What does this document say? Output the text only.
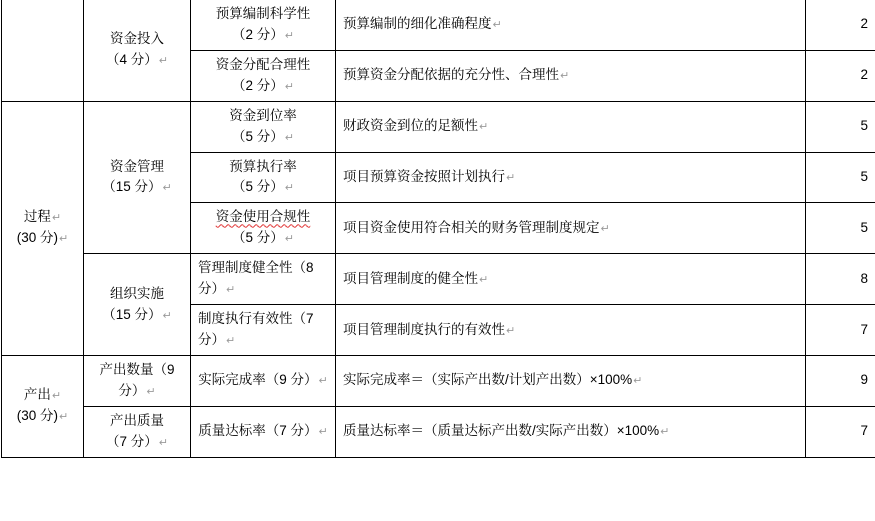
	资金投入
（4 分）↵	预算编制科学性
（2 分）↵	预算编制的细化准确程度↵	2

		资金分配合理性
（2 分）↵	预算资金分配依据的充分性、合理性↵	2

过程↵
(30 分)↵	资金管理
（15 分）↵	资金到位率
（5 分）↵	财政资金到位的足额性↵	5

		预算执行率
（5 分）↵	项目预算资金按照计划执行↵	5

		资金使用合规性
（5 分）↵	项目资金使用符合相关的财务管理制度规定↵	5

	组织实施
（15 分）↵	管理制度健全性（8
分）↵	项目管理制度的健全性↵	8

		制度执行有效性（7
分）↵	项目管理制度执行的有效性↵	7

产出↵
(30 分)↵	产出数量（9 分）↵	实际完成率（9 分）↵	实际完成率＝（实际产出数/计划产出数）×100%↵	9

	产出质量
（7 分）↵	质量达标率（7 分）↵	质量达标率＝（质量达标产出数/实际产出数）×100%↵	7
